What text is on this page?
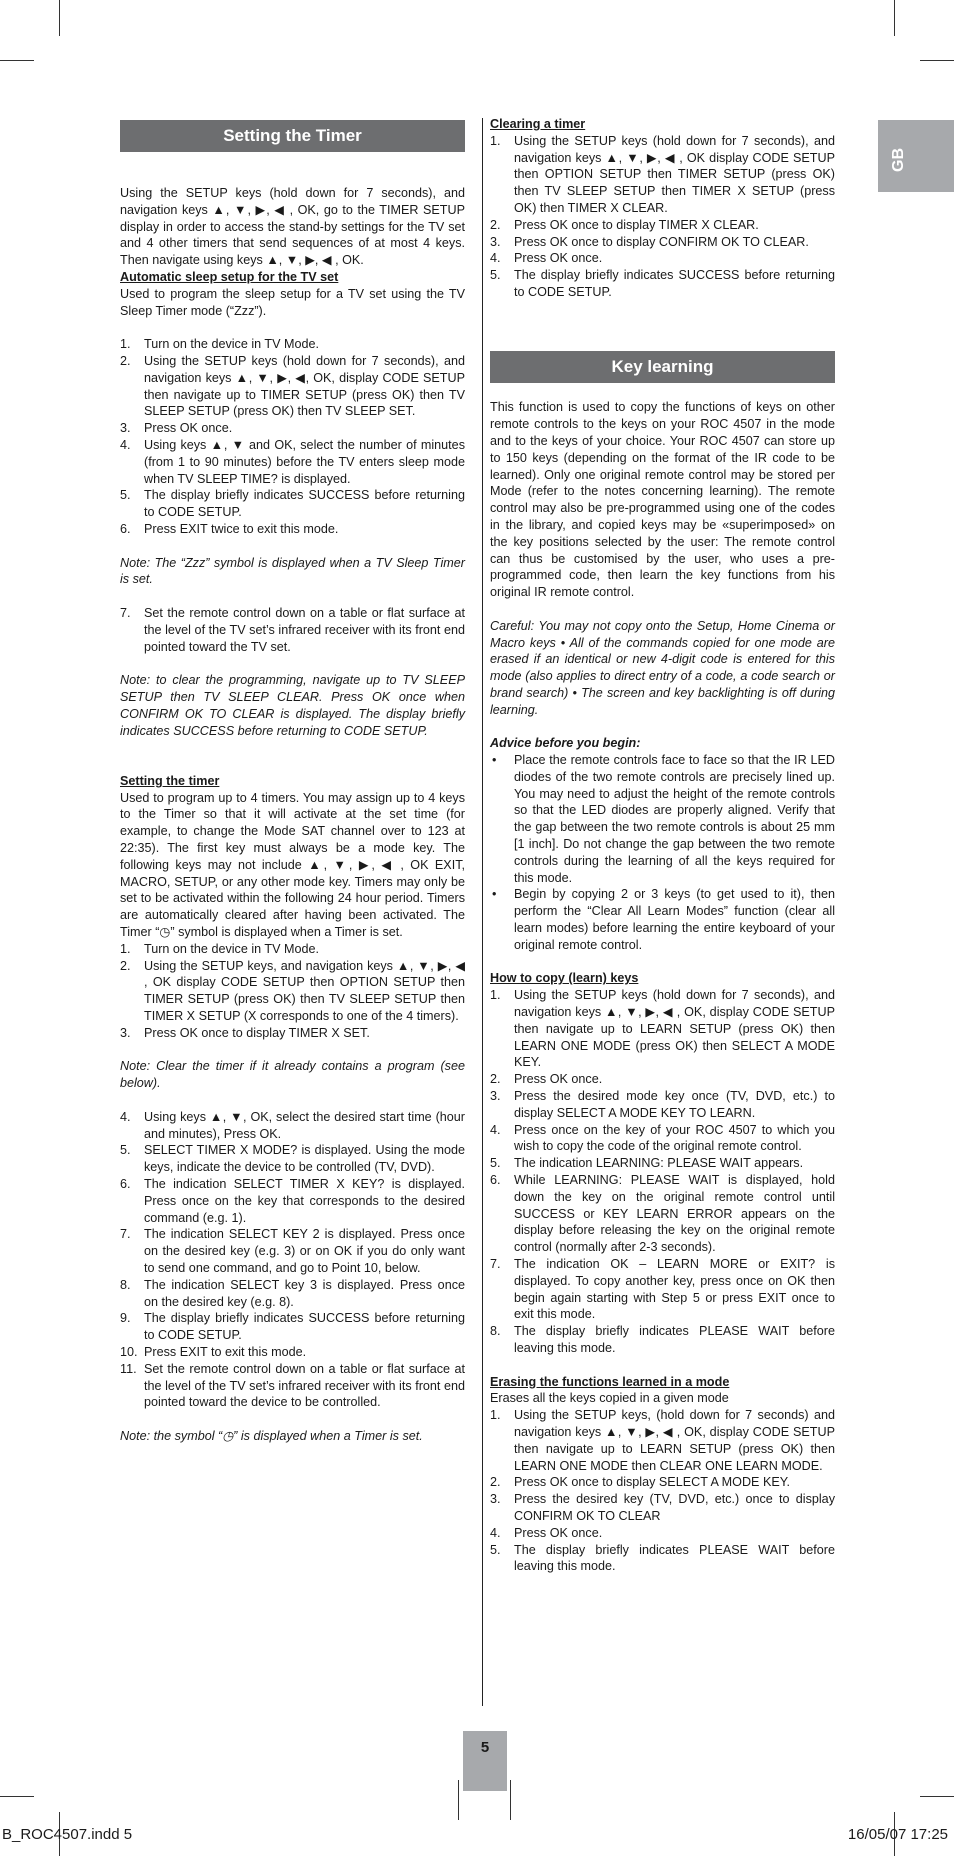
GB
Setting the Timer

Using the SETUP keys (hold down for 7 seconds), and navigation keys ▲, ▼, ▶, ◀ , OK, go to the TIMER SETUP display in order to access the stand-by settings for the TV set and 4 other timers that send sequences of at most 4 keys. Then navigate using keys ▲, ▼, ▶, ◀ , OK.

Automatic sleep setup for the TV set

Used to program the sleep setup for a TV set using the TV Sleep Timer mode (“Zzz”).

1. Turn on the device in TV Mode.
2. Using the SETUP keys (hold down for 7 seconds), and navigation keys ▲, ▼, ▶, ◀, OK, display CODE SETUP then navigate up to TIMER SETUP (press OK) then TV SLEEP SETUP (press OK) then TV SLEEP SET.
3. Press OK once.
4. Using keys ▲, ▼ and OK, select the number of minutes (from 1 to 90 minutes) before the TV enters sleep mode when TV SLEEP TIME? is displayed.
5. The display briefly indicates SUCCESS before returning to CODE SETUP.
6. Press EXIT twice to exit this mode.

Note: The “Zzz” symbol is displayed when a TV Sleep Timer is set.

7. Set the remote control down on a table or flat surface at the level of the TV set’s infrared receiver with its front end pointed toward the TV set.

Note: to clear the programming, navigate up to TV SLEEP SETUP then TV SLEEP CLEAR. Press OK once when CONFIRM OK TO CLEAR is displayed. The display briefly indicates SUCCESS before returning to CODE SETUP.

Setting the timer

Used to program up to 4 timers. You may assign up to 4 keys to the Timer so that it will activate at the set time (for example, to change the Mode SAT channel over to 123 at 22:35). The first key must always be a mode key. The following keys may not include ▲, ▼, ▶, ◀ , OK EXIT, MACRO, SETUP, or any other mode key. Timers may only be set to be activated within the following 24 hour period. Timers are automatically cleared after having been activated. The Timer “◷” symbol is displayed when a Timer is set.

1. Turn on the device in TV Mode.
2. Using the SETUP keys, and navigation keys ▲, ▼, ▶, ◀ , OK display CODE SETUP then OPTION SETUP then TIMER SETUP (press OK) then TV SLEEP SETUP then TIMER X SETUP (X corresponds to one of the 4 timers).
3. Press OK once to display TIMER X SET.

Note: Clear the timer if it already contains a program (see below).

4. Using keys ▲, ▼, OK, select the desired start time (hour and minutes), Press OK.
5. SELECT TIMER X MODE? is displayed. Using the mode keys, indicate the device to be controlled (TV, DVD).
6. The indication SELECT TIMER X KEY? is displayed. Press once on the key that corresponds to the desired command (e.g. 1).
7. The indication SELECT KEY 2 is displayed. Press once on the desired key (e.g. 3) or on OK if you do only want to send one command, and go to Point 10, below.
8. The indication SELECT key 3 is displayed. Press once on the desired key (e.g. 8).
9. The display briefly indicates SUCCESS before returning to CODE SETUP.
10. Press EXIT to exit this mode.
11. Set the remote control down on a table or flat surface at the level of the TV set’s infrared receiver with its front end pointed toward the device to be controlled.

Note: the symbol “◷” is displayed when a Timer is set.

Clearing a timer

1. Using the SETUP keys (hold down for 7 seconds), and navigation keys ▲, ▼, ▶, ◀ , OK display CODE SETUP then OPTION SETUP then TIMER SETUP (press OK) then TV SLEEP SETUP then TIMER X SETUP (press OK) then TIMER X CLEAR.
2. Press OK once to display TIMER X CLEAR.
3. Press OK once to display CONFIRM OK TO CLEAR.
4. Press OK once.
5. The display briefly indicates SUCCESS before returning to CODE SETUP.
Key learning

This function is used to copy the functions of keys on other remote controls to the keys on your ROC 4507 in the mode and to the keys of your choice. Your ROC 4507 can store up to 150 keys (depending on the format of the IR code to be learned). Only one original remote control may be stored per Mode (refer to the notes concerning learning). The remote control may also be pre-programmed using one of the codes in the library, and copied keys may be «superimposed» on the key positions selected by the user: The remote control can thus be customised by the user, who uses a pre-programmed code, then learn the key functions from his original IR remote control.

Careful: You may not copy onto the Setup, Home Cinema or Macro keys • All of the commands copied for one mode are erased if an identical or new 4-digit code is entered for this mode (also applies to direct entry of a code, a code search or brand search) • The screen and key backlighting is off during learning.

Advice before you begin:

• Place the remote controls face to face so that the IR LED diodes of the two remote controls are precisely lined up. You may need to adjust the height of the remote controls so that the LED diodes are properly aligned. Verify that the gap between the two remote controls is about 25 mm [1 inch]. Do not change the gap between the two remote controls during the learning of all the keys required for this mode.
• Begin by copying 2 or 3 keys (to get used to it), then perform the “Clear All Learn Modes” function (clear all learn modes) before learning the entire keyboard of your original remote control.

How to copy (learn) keys

1. Using the SETUP keys (hold down for 7 seconds), and navigation keys ▲, ▼, ▶, ◀ , OK, display CODE SETUP then navigate up to LEARN SETUP (press OK) then LEARN ONE MODE (press OK) then SELECT A MODE KEY.
2. Press OK once.
3. Press the desired mode key once (TV, DVD, etc.) to display SELECT A MODE KEY TO LEARN.
4. Press once on the key of your ROC 4507 to which you wish to copy the code of the original remote control.
5. The indication LEARNING: PLEASE WAIT appears.
6. While LEARNING: PLEASE WAIT is displayed, hold down the key on the original remote control until SUCCESS or KEY LEARN ERROR appears on the display before releasing the key on the original remote control (normally after 2-3 seconds).
7. The indication OK – LEARN MORE or EXIT? is displayed. To copy another key, press once on OK then begin again starting with Step 5 or press EXIT once to exit this mode.
8. The display briefly indicates PLEASE WAIT before leaving this mode.

Erasing the functions learned in a mode

Erases all the keys copied in a given mode

1. Using the SETUP keys, (hold down for 7 seconds) and navigation keys ▲, ▼, ▶, ◀ , OK, display CODE SETUP then navigate up to LEARN SETUP (press OK) then LEARN ONE MODE then CLEAR ONE LEARN MODE.
2. Press OK once to display SELECT A MODE KEY.
3. Press the desired key (TV, DVD, etc.) once to display CONFIRM OK TO CLEAR
4. Press OK once.
5. The display briefly indicates PLEASE WAIT before leaving this mode.
5
B_ROC4507.indd 5	16/05/07 17:25
